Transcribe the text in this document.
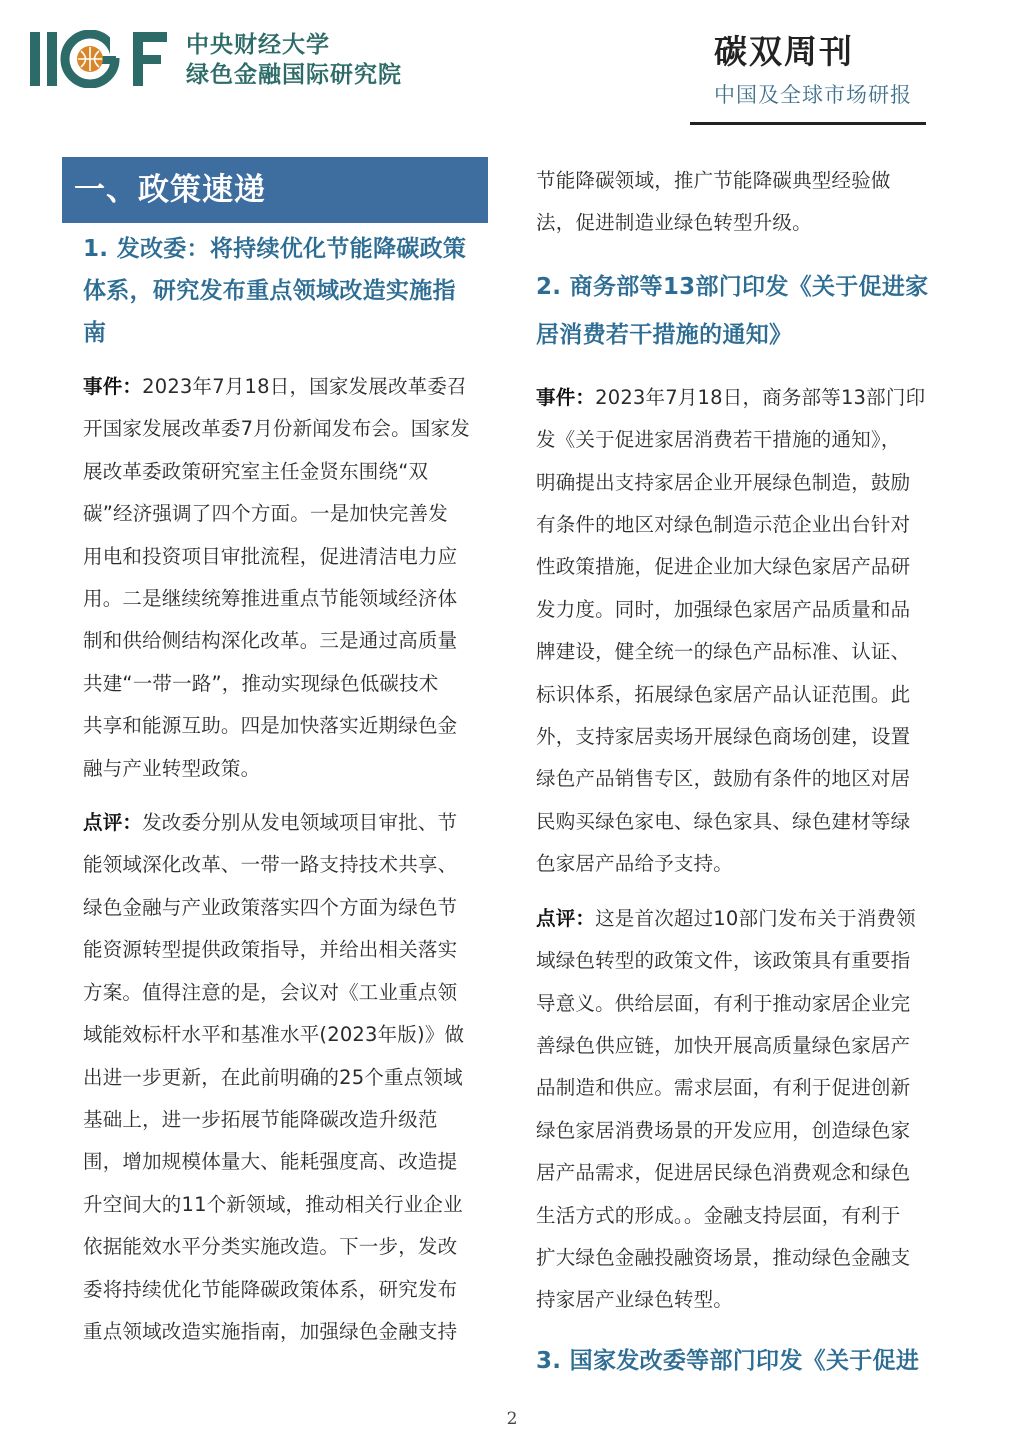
中央财经大学
绿色金融国际研究院
碳双周刊
中国及全球市场研报
一、政策速递
1. 发改委：将持续优化节能降碳政策
体系，研究发布重点领域改造实施指
南
事件：2023年7月18日，国家发展改革委召
开国家发展改革委7月份新闻发布会。国家发
展改革委政策研究室主任金贤东围绕“双
碳”经济强调了四个方面。一是加快完善发
用电和投资项目审批流程，促进清洁电力应
用。二是继续统筹推进重点节能领域经济体
制和供给侧结构深化改革。三是通过高质量
共建“一带一路”，推动实现绿色低碳技术
共享和能源互助。四是加快落实近期绿色金
融与产业转型政策。
点评：发改委分别从发电领域项目审批、节
能领域深化改革、一带一路支持技术共享、
绿色金融与产业政策落实四个方面为绿色节
能资源转型提供政策指导，并给出相关落实
方案。值得注意的是，会议对《工业重点领
域能效标杆水平和基准水平(2023年版)》做
出进一步更新，在此前明确的25个重点领域
基础上，进一步拓展节能降碳改造升级范
围，增加规模体量大、能耗强度高、改造提
升空间大的11个新领域，推动相关行业企业
依据能效水平分类实施改造。下一步，发改
委将持续优化节能降碳政策体系，研究发布
重点领域改造实施指南，加强绿色金融支持
节能降碳领域，推广节能降碳典型经验做
法，促进制造业绿色转型升级。
2. 商务部等13部门印发《关于促进家
居消费若干措施的通知》
事件：2023年7月18日，商务部等13部门印
发《关于促进家居消费若干措施的通知》，
明确提出支持家居企业开展绿色制造，鼓励
有条件的地区对绿色制造示范企业出台针对
性政策措施，促进企业加大绿色家居产品研
发力度。同时，加强绿色家居产品质量和品
牌建设，健全统一的绿色产品标准、认证、
标识体系，拓展绿色家居产品认证范围。此
外，支持家居卖场开展绿色商场创建，设置
绿色产品销售专区，鼓励有条件的地区对居
民购买绿色家电、绿色家具、绿色建材等绿
色家居产品给予支持。
点评：这是首次超过10部门发布关于消费领
域绿色转型的政策文件，该政策具有重要指
导意义。供给层面，有利于推动家居企业完
善绿色供应链，加快开展高质量绿色家居产
品制造和供应。需求层面，有利于促进创新
绿色家居消费场景的开发应用，创造绿色家
居产品需求，促进居民绿色消费观念和绿色
生活方式的形成。。金融支持层面，有利于
扩大绿色金融投融资场景，推动绿色金融支
持家居产业绿色转型。
3. 国家发改委等部门印发《关于促进
2
